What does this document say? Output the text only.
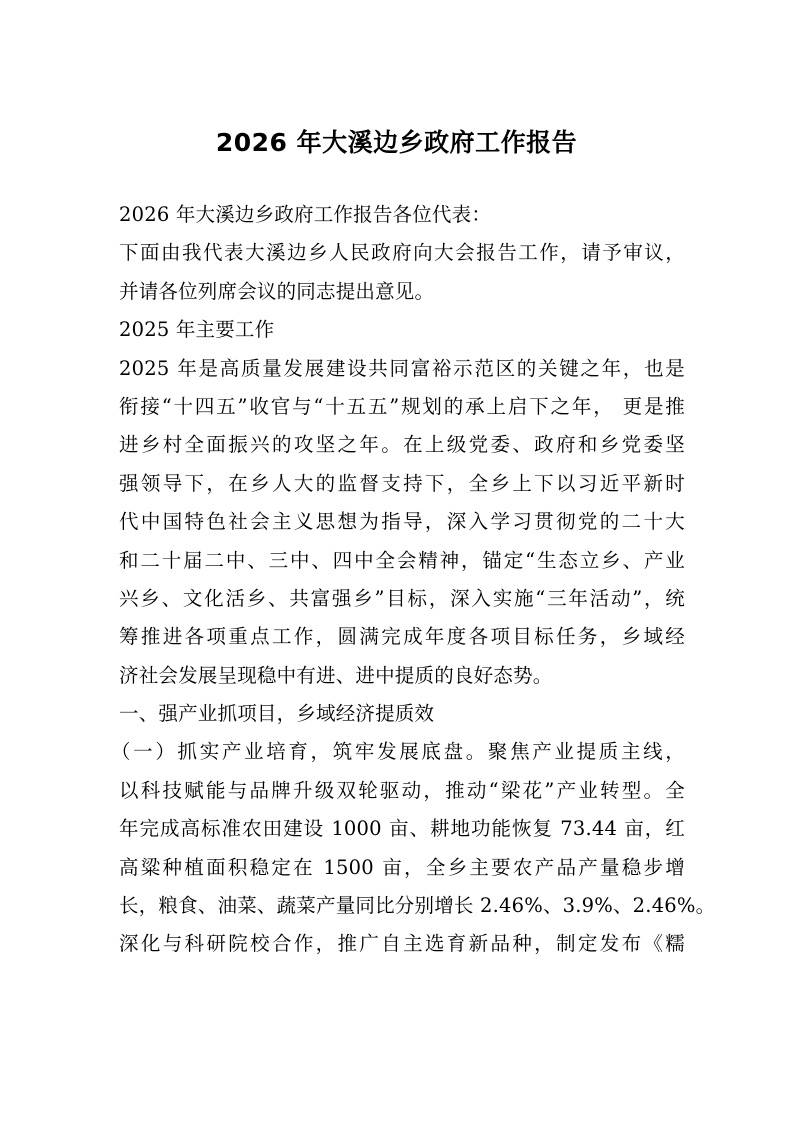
2026 年大溪边乡政府工作报告
2026 年大溪边乡政府工作报告各位代表：
下面由我代表大溪边乡人民政府向大会报告工作，请予审议，
并请各位列席会议的同志提出意见。
2025 年主要工作
2025 年是高质量发展建设共同富裕示范区的关键之年，也是
衔接“十四五”收官与“十五五”规划的承上启下之年， 更是推
进乡村全面振兴的攻坚之年。在上级党委、政府和乡党委坚
强领导下，在乡人大的监督支持下，全乡上下以习近平新时
代中国特色社会主义思想为指导，深入学习贯彻党的二十大
和二十届二中、三中、四中全会精神，锚定“生态立乡、产业
兴乡、文化活乡、共富强乡”目标，深入实施“三年活动”，统
筹推进各项重点工作，圆满完成年度各项目标任务，乡域经
济社会发展呈现稳中有进、进中提质的良好态势。
一、强产业抓项目，乡域经济提质效
（一）抓实产业培育，筑牢发展底盘。聚焦产业提质主线，
以科技赋能与品牌升级双轮驱动，推动“梁花”产业转型。全
年完成高标准农田建设 1000 亩、耕地功能恢复 73.44 亩，红
高粱种植面积稳定在 1500 亩，全乡主要农产品产量稳步增
长，粮食、油菜、蔬菜产量同比分别增长 2.46%、3.9%、2.46%。
深化与科研院校合作，推广自主选育新品种，制定发布《糯
